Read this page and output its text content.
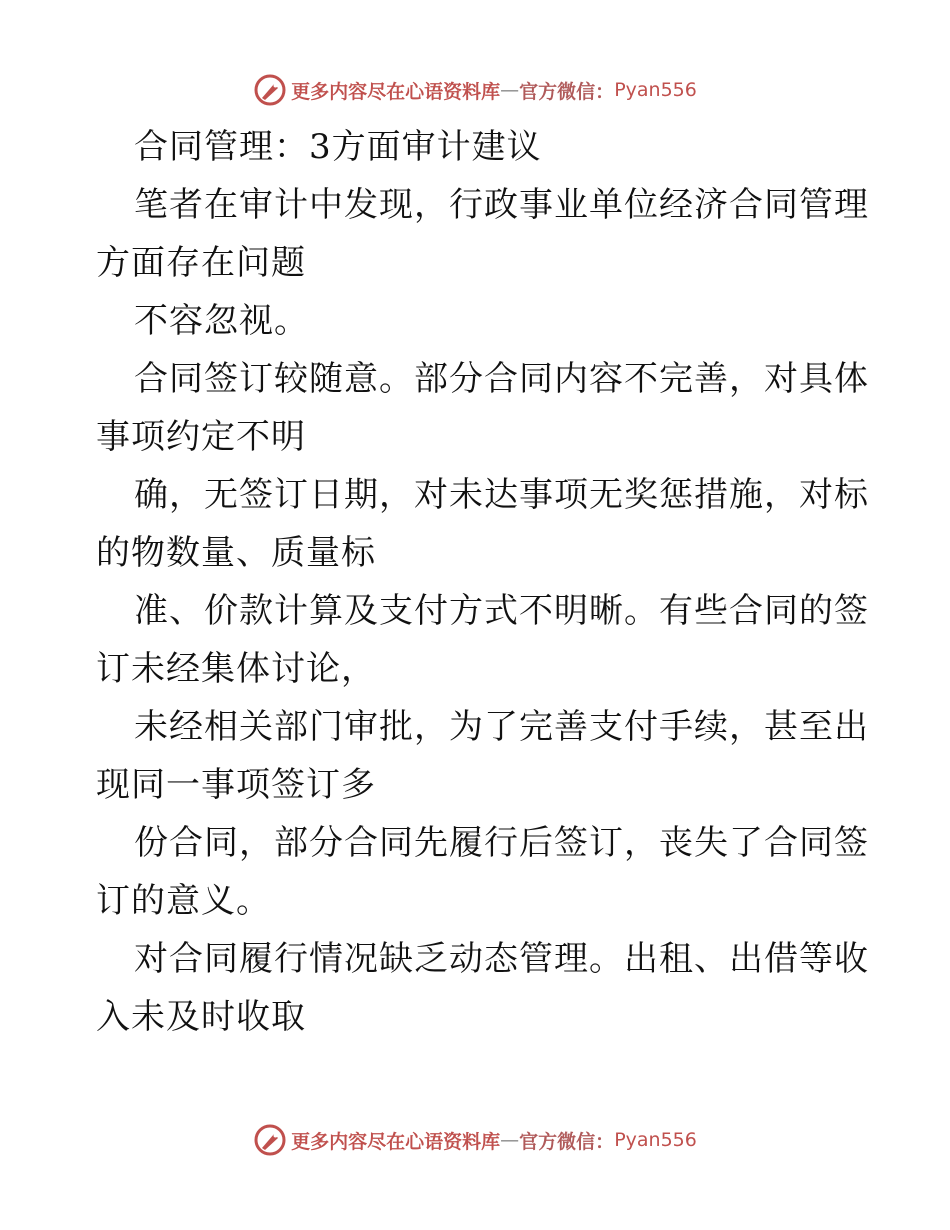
更多内容尽在心语资料库 — 官方微信： Pyan556
合同管理：3方面审计建议
笔者在审计中发现，行政事业单位经济合同管理
方面存在问题
不容忽视。
合同签订较随意。部分合同内容不完善，对具体
事项约定不明
确，无签订日期，对未达事项无奖惩措施，对标
的物数量、质量标
准、价款计算及支付方式不明晰。有些合同的签
订未经集体讨论，
未经相关部门审批，为了完善支付手续，甚至出
现同一事项签订多
份合同，部分合同先履行后签订，丧失了合同签
订的意义。
对合同履行情况缺乏动态管理。出租、出借等收
入未及时收取
更多内容尽在心语资料库 — 官方微信： Pyan556
